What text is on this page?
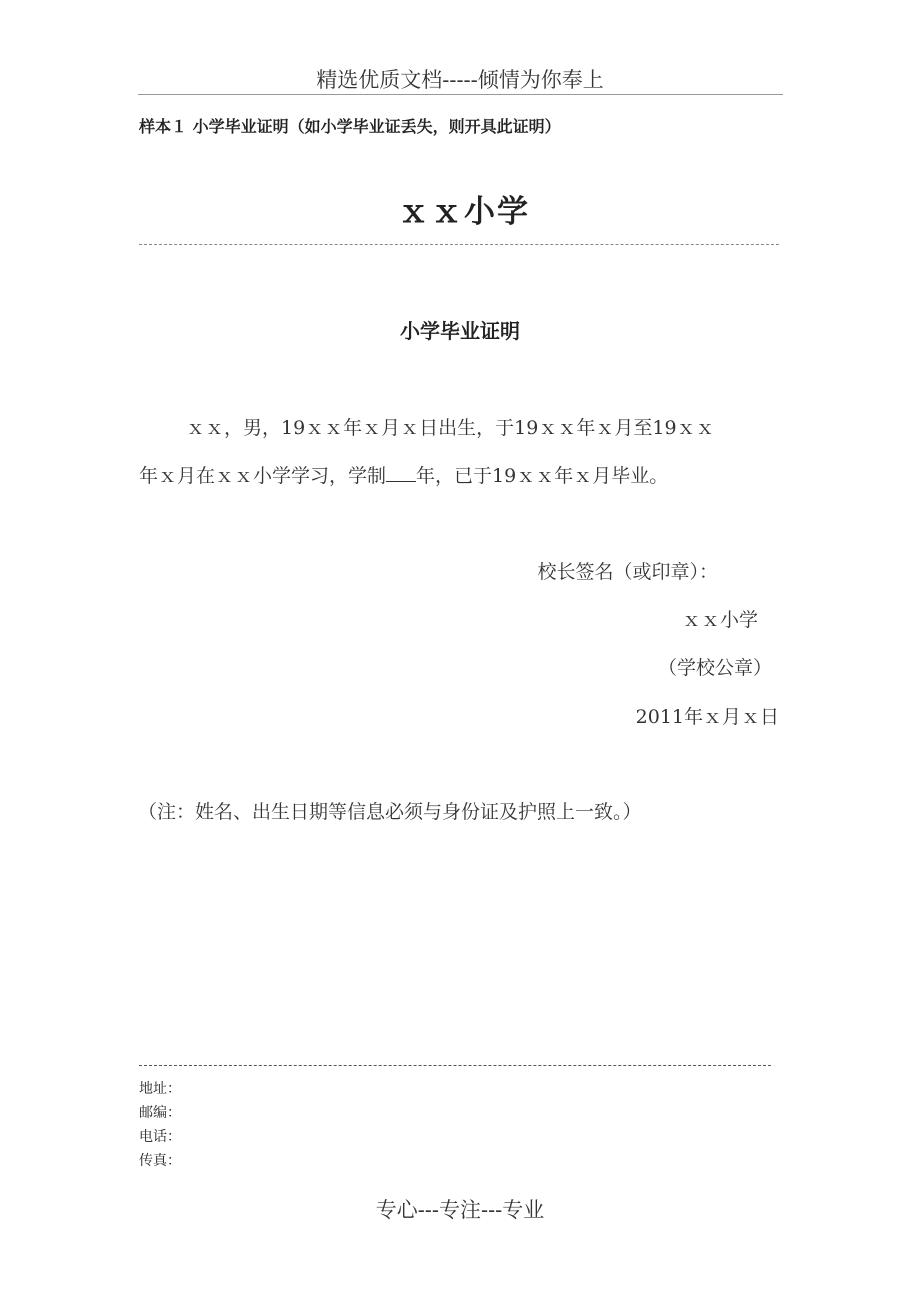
精选优质文档-----倾情为你奉上
样本１ 小学毕业证明（如小学毕业证丢失，则开具此证明）
ｘｘ小学
小学毕业证明
ｘｘ，男，19ｘｘ年ｘ月ｘ日出生，于19ｘｘ年ｘ月至19ｘｘ
年ｘ月在ｘｘ小学学习，学制 年，已于19ｘｘ年ｘ月毕业。
校长签名（或印章）：
ｘｘ小学
（学校公章）
2011年ｘ月ｘ日
（注：姓名、出生日期等信息必须与身份证及护照上一致。）
地址：
邮编：
电话：
传真：
专心---专注---专业
